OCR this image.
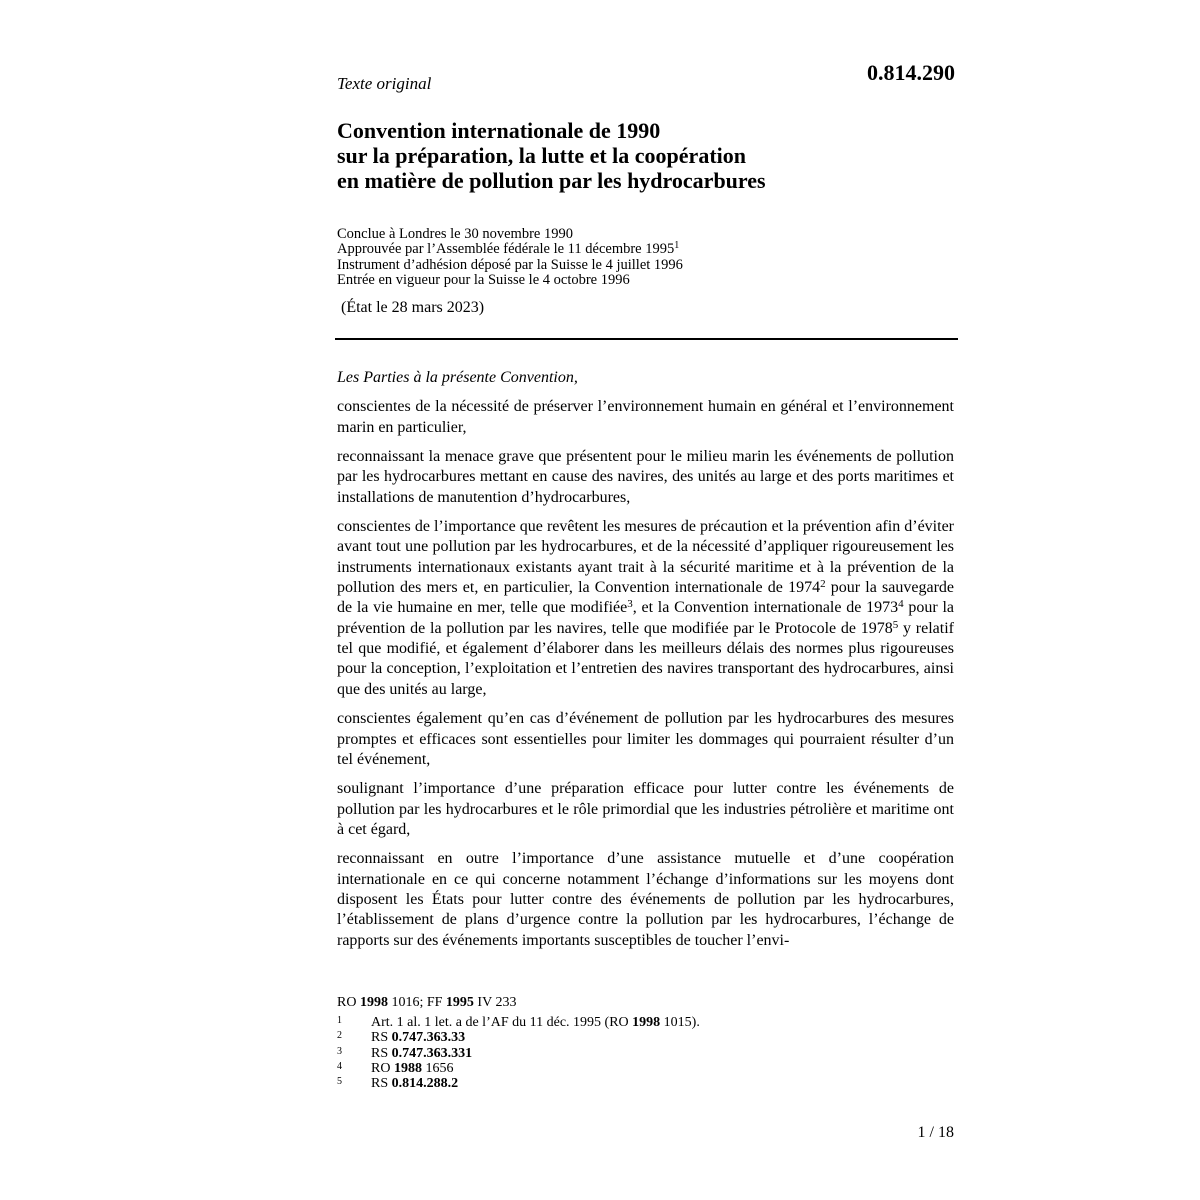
Texte original	0.814.290
Convention internationale de 1990
sur la préparation, la lutte et la coopération
en matière de pollution par les hydrocarbures
Conclue à Londres le 30 novembre 1990
Approuvée par l’Assemblée fédérale le 11 décembre 1995$^1$
Instrument d’adhésion déposé par la Suisse le 4 juillet 1996
Entrée en vigueur pour la Suisse le 4 octobre 1996
(État le 28 mars 2023)
Les Parties à la présente Convention,

conscientes de la nécessité de préserver l’environnement humain en général et l’environnement marin en particulier,

reconnaissant la menace grave que présentent pour le milieu marin les événements de pollution par les hydrocarbures mettant en cause des navires, des unités au large et des ports maritimes et installations de manutention d’hydrocarbures,

conscientes de l’importance que revêtent les mesures de précaution et la prévention afin d’éviter avant tout une pollution par les hydrocarbures, et de la nécessité d’appliquer rigoureusement les instruments internationaux existants ayant trait à la sécurité maritime et à la prévention de la pollution des mers et, en particulier, la Convention internationale de 1974$^2$ pour la sauvegarde de la vie humaine en mer, telle que modifiée$^3$, et la Convention internationale de 1973$^4$ pour la prévention de la pollution par les navires, telle que modifiée par le Protocole de 1978$^5$ y relatif tel que modifié, et également d’élaborer dans les meilleurs délais des normes plus rigoureuses pour la conception, l’exploitation et l’entretien des navires transportant des hydrocarbures, ainsi que des unités au large,

conscientes également qu’en cas d’événement de pollution par les hydrocarbures des mesures promptes et efficaces sont essentielles pour limiter les dommages qui pourraient résulter d’un tel événement,

soulignant l’importance d’une préparation efficace pour lutter contre les événements de pollution par les hydrocarbures et le rôle primordial que les industries pétrolière et maritime ont à cet égard,

reconnaissant en outre l’importance d’une assistance mutuelle et d’une coopération internationale en ce qui concerne notamment l’échange d’informations sur les moyens dont disposent les États pour lutter contre des événements de pollution par les hydrocarbures, l’établissement de plans d’urgence contre la pollution par les hydrocarbures, l’échange de rapports sur des événements importants susceptibles de toucher l’envi-

RO 1998 1016; FF 1995 IV 233
1	Art. 1 al. 1 let. a de l’AF du 11 déc. 1995 (RO 1998 1015).
2	RS 0.747.363.33
3	RS 0.747.363.331
4	RO 1988 1656
5	RS 0.814.288.2
1 / 18
